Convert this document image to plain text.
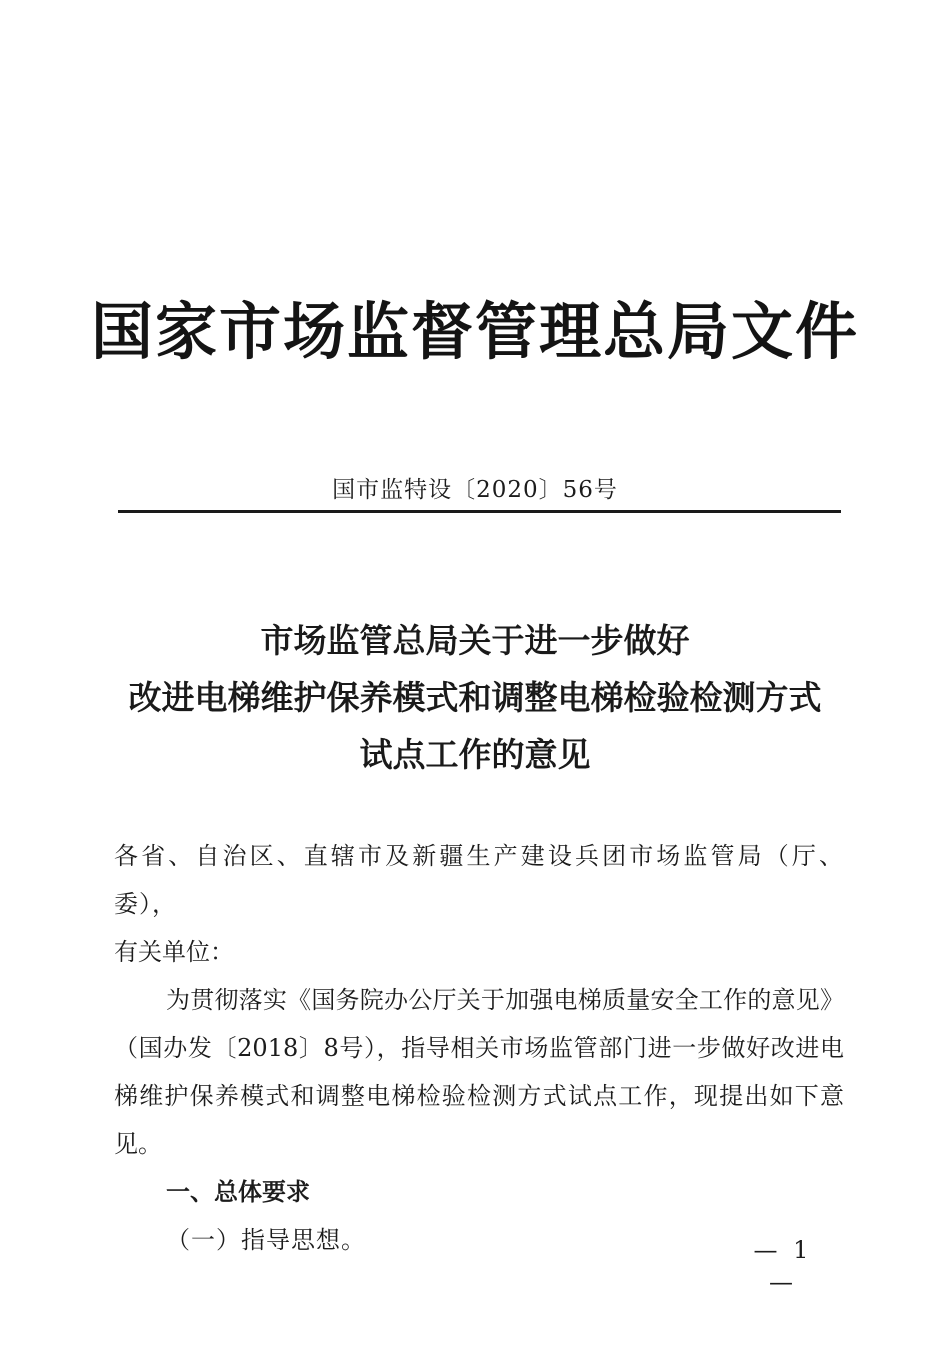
国家市场监督管理总局文件
国市监特设〔2020〕56号
市场监管总局关于进一步做好
改进电梯维护保养模式和调整电梯检验检测方式
试点工作的意见

各省、自治区、直辖市及新疆生产建设兵团市场监管局（厅、委），

有关单位：

为贯彻落实《国务院办公厅关于加强电梯质量安全工作的意见》（国办发〔2018〕8号），指导相关市场监管部门进一步做好改进电梯维护保养模式和调整电梯检验检测方式试点工作，现提出如下意见。

一、总体要求

（一）指导思想。	— 1 —
